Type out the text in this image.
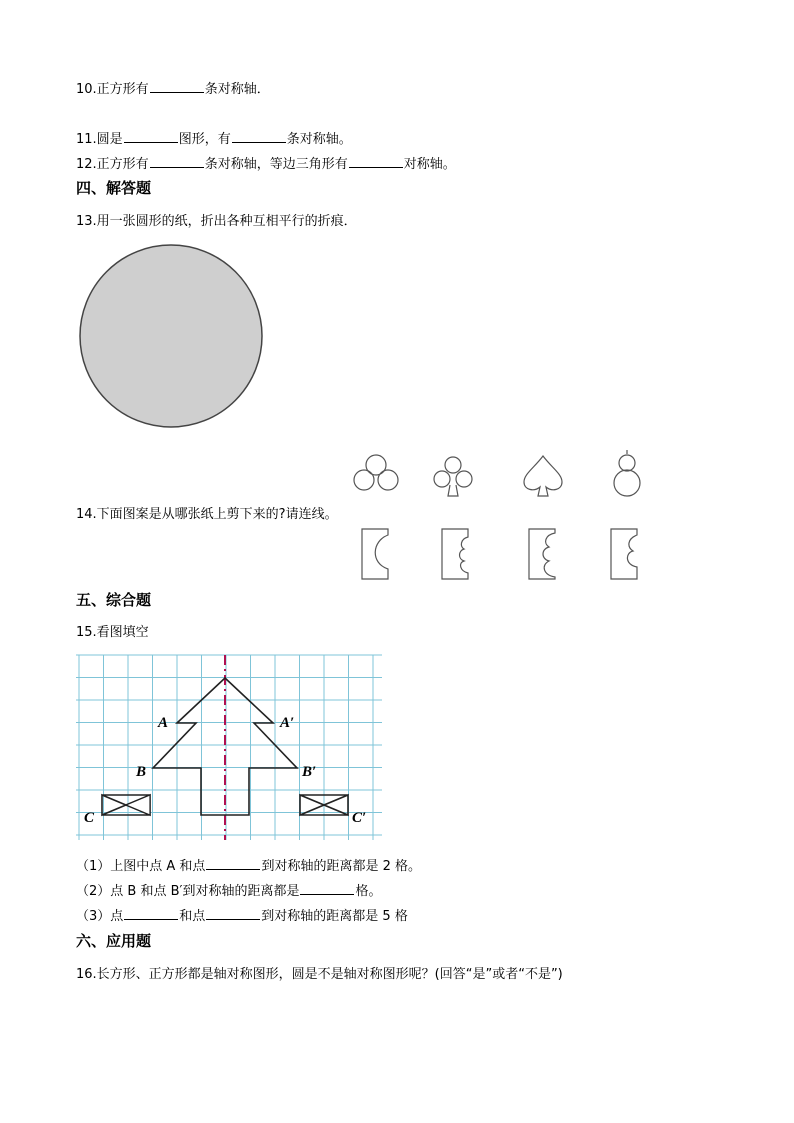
10.正方形有	条对称轴．
11.圆是	图形，有	条对称轴。
12.正方形有	条对称轴，等边三角形有	对称轴。
四、解答题
13.用一张圆形的纸，折出各种互相平行的折痕．
14.下面图案是从哪张纸上剪下来的?请连线。
五、综合题
15.看图填空
A	A′
B	B′
C	C′
（1）上图中点 A 和点	到对称轴的距离都是 2 格。
（2）点 B 和点 B′到对称轴的距离都是	格。
（3）点	和点	到对称轴的距离都是 5 格
六、应用题
16.长方形、正方形都是轴对称图形，圆是不是轴对称图形呢？(回答“是”或者“不是”)
